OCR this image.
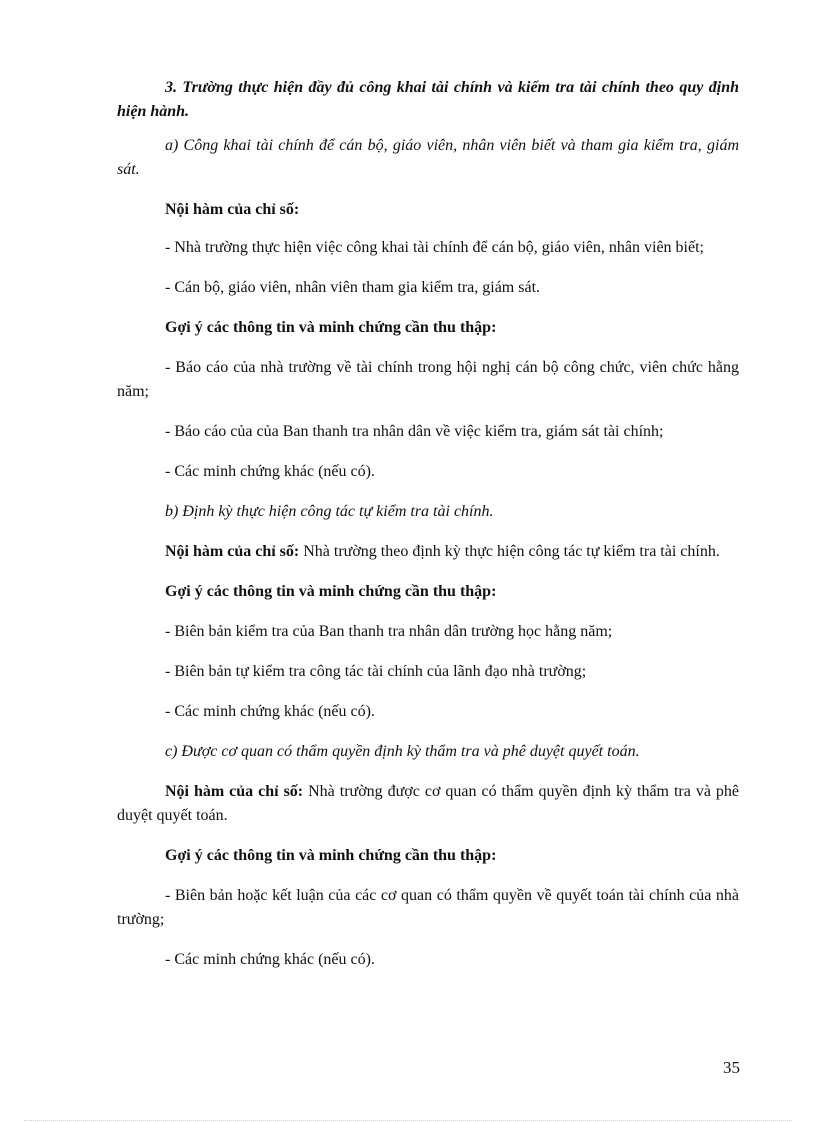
3. Trường thực hiện đầy đủ công khai tài chính và kiểm tra tài chính theo quy định hiện hành.

a) Công khai tài chính để cán bộ, giáo viên, nhân viên biết và tham gia kiểm tra, giám sát.

Nội hàm của chỉ số:

- Nhà trường thực hiện việc công khai tài chính để cán bộ, giáo viên, nhân viên biết;

- Cán bộ, giáo viên, nhân viên tham gia kiểm tra, giám sát.

Gợi ý các thông tin và minh chứng cần thu thập:

- Báo cáo của nhà trường về tài chính trong hội nghị cán bộ công chức, viên chức hằng năm;

- Báo cáo của của Ban thanh tra nhân dân về việc kiểm tra, giám sát tài chính;

- Các minh chứng khác (nếu có).

b) Định kỳ thực hiện công tác tự kiểm tra tài chính.

Nội hàm của chỉ số: Nhà trường theo định kỳ thực hiện công tác tự kiểm tra tài chính.

Gợi ý các thông tin và minh chứng cần thu thập:

- Biên bản kiểm tra của Ban thanh tra nhân dân trường học hằng năm;

- Biên bản tự kiểm tra công tác tài chính của lãnh đạo nhà trường;

- Các minh chứng khác (nếu có).

c) Được cơ quan có thẩm quyền định kỳ thẩm tra và phê duyệt quyết toán.

Nội hàm của chỉ số: Nhà trường được cơ quan có thẩm quyền định kỳ thẩm tra và phê duyệt quyết toán.

Gợi ý các thông tin và minh chứng cần thu thập:

- Biên bản hoặc kết luận của các cơ quan có thẩm quyền về quyết toán tài chính của nhà trường;

- Các minh chứng khác (nếu có).

35
